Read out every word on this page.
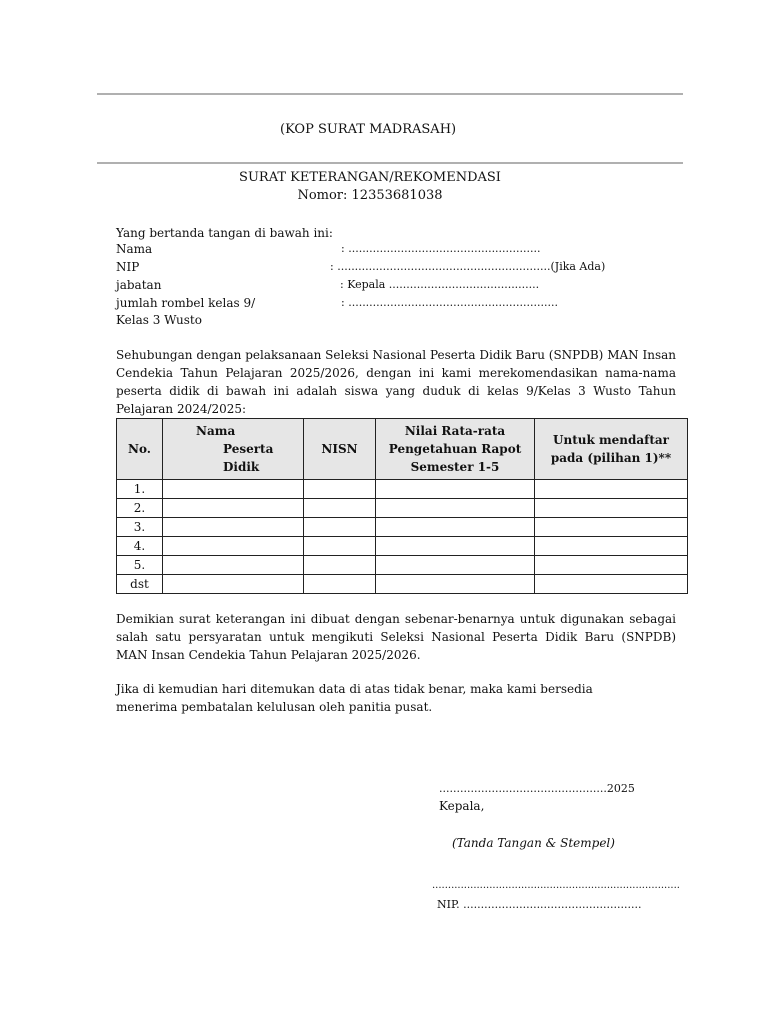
(KOP SURAT MADRASAH)
SURAT KETERANGAN/REKOMENDASI
Nomor: 12353681038
Yang bertanda tangan di bawah ini:
Nama	: .......................................................
NIP	: .............................................................(Jika Ada)
jabatan	: Kepala ...........................................
jumlah rombel kelas 9/	: ............................................................
Kelas 3 Wusto
Sehubungan dengan pelaksanaan Seleksi Nasional Peserta Didik Baru (SNPDB) MAN Insan Cendekia Tahun Pelajaran 2025/2026, dengan ini kami merekomendasikan nama-nama peserta didik di bawah ini adalah siswa yang duduk di kelas 9/Kelas 3 Wusto Tahun Pelajaran 2024/2025:
No.	Nama
Peserta
Didik	NISN	Nilai Rata-rata Pengetahuan Rapot Semester 1-5	Untuk mendaftar pada (pilihan 1)**
1.				
2.				
3.				
4.				
5.				
dst				
Demikian surat keterangan ini dibuat dengan sebenar-benarnya untuk digunakan sebagai salah satu persyaratan untuk mengikuti Seleksi Nasional Peserta Didik Baru (SNPDB) MAN Insan Cendekia Tahun Pelajaran 2025/2026.
Jika di kemudian hari ditemukan data di atas tidak benar, maka kami bersedia menerima pembatalan kelulusan oleh panitia pusat.
................................................2025
Kepala,
(Tanda Tangan & Stempel)
..............................................................................
NIP. ...................................................
